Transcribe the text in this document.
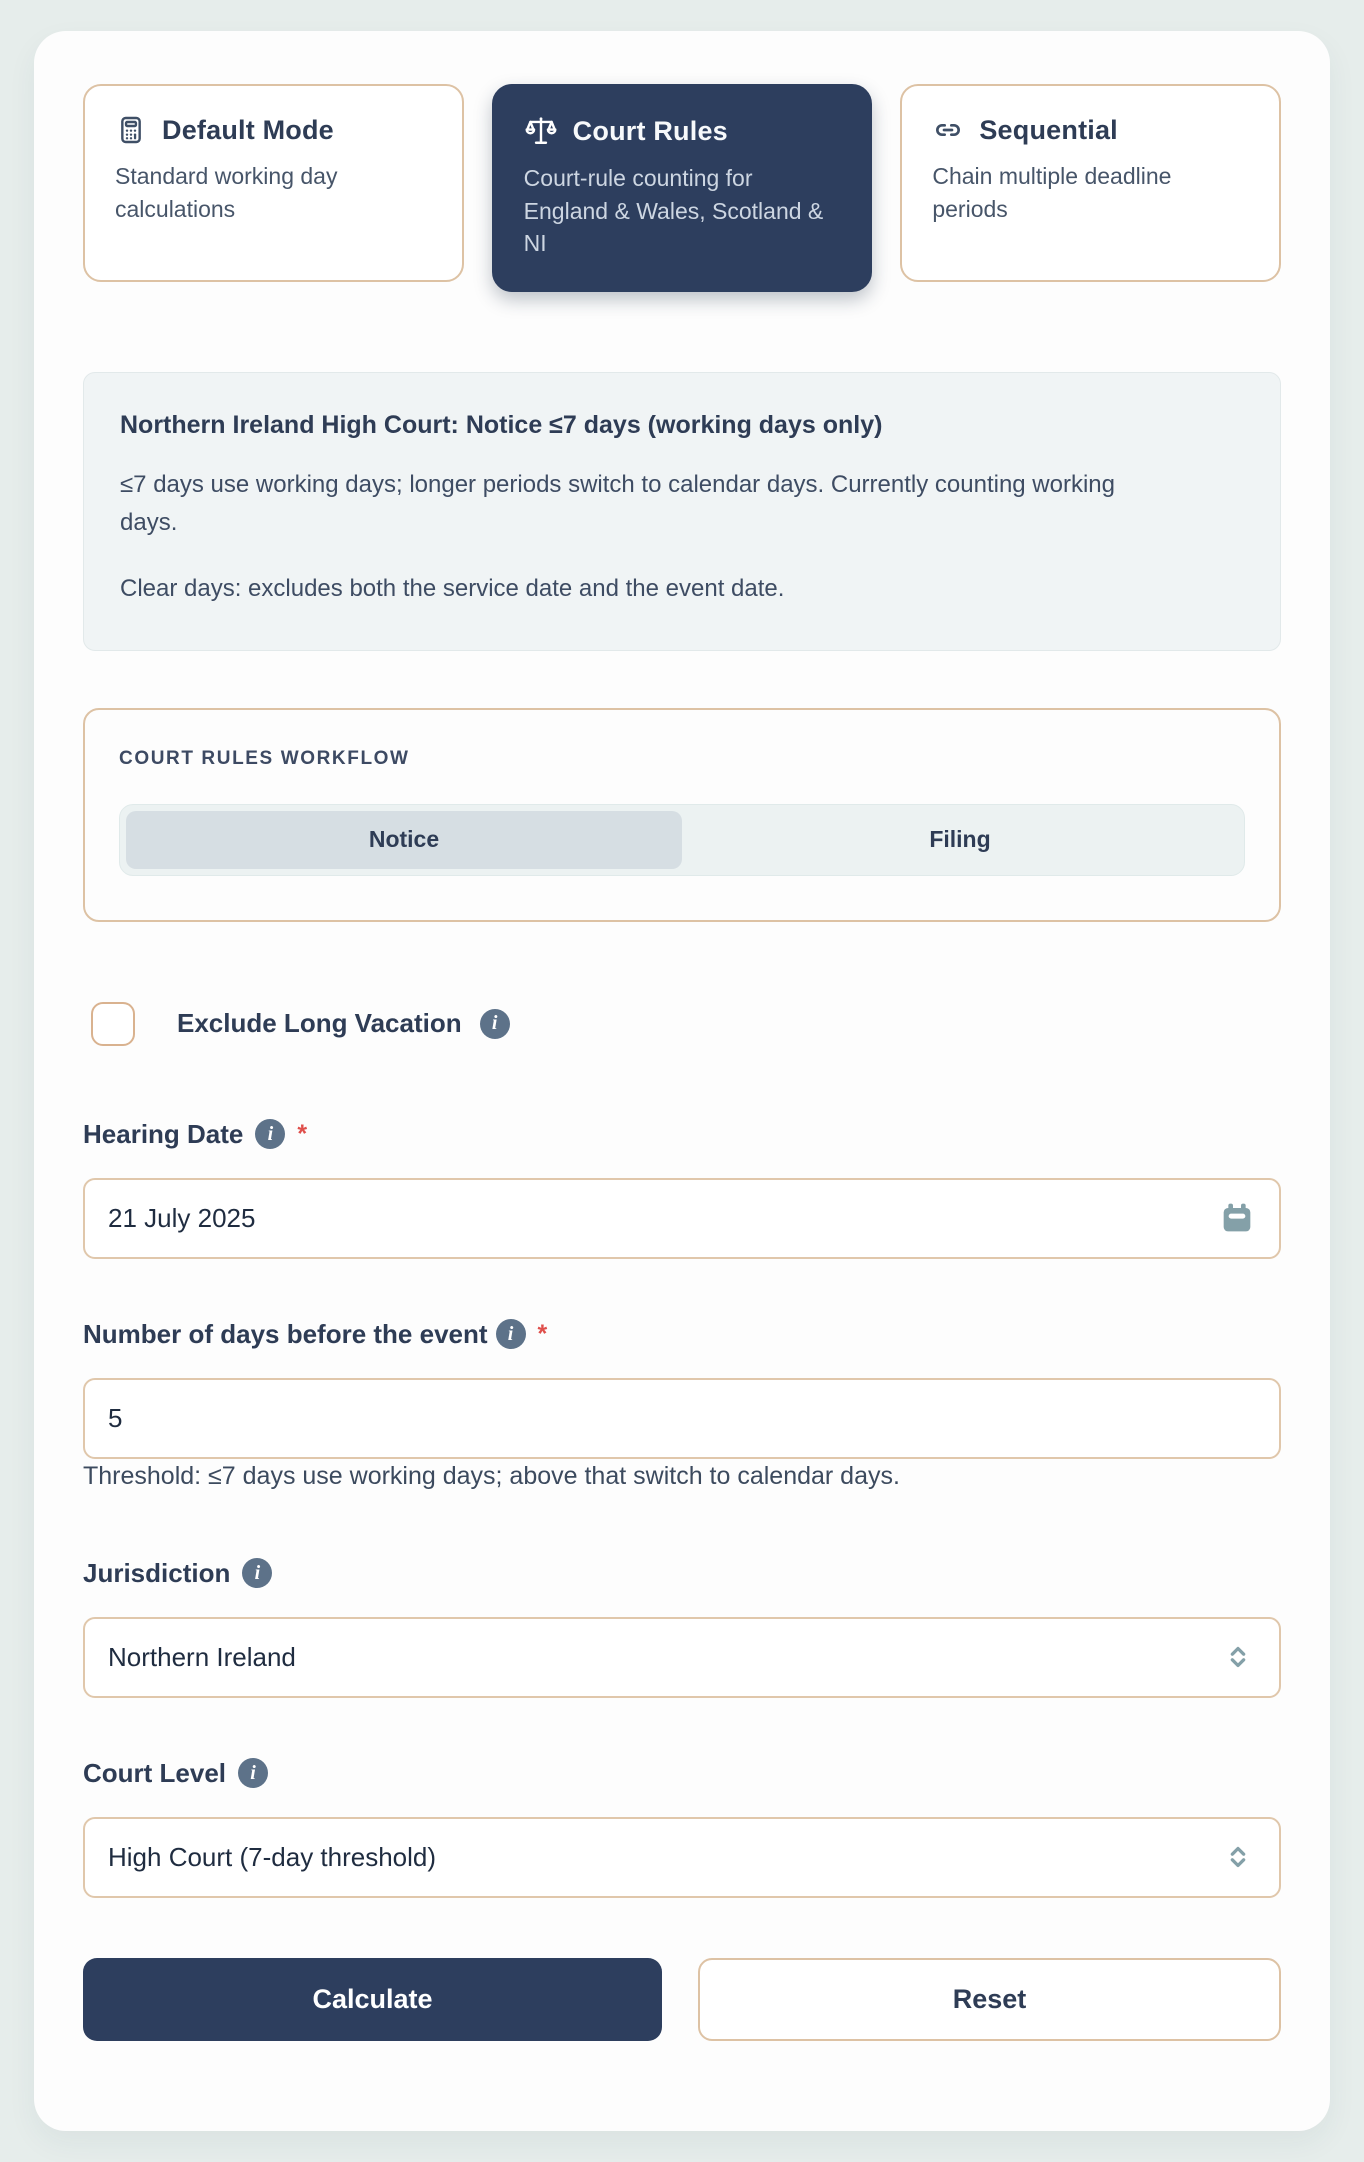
Default Mode
Standard working day calculations
Court Rules
Court-rule counting for England & Wales, Scotland & NI
Sequential
Chain multiple deadline periods
Northern Ireland High Court: Notice ≤7 days (working days only)
≤7 days use working days; longer periods switch to calendar days. Currently counting working days.
Clear days: excludes both the service date and the event date.
COURT RULES WORKFLOW
Notice	Filing
Exclude Long Vacation	i
Hearing Date	i *
21 July 2025
Number of days before the event	i *
5
Threshold: ≤7 days use working days; above that switch to calendar days.
Jurisdiction	i
Northern Ireland
Court Level	i
High Court (7-day threshold)
Calculate	Reset
